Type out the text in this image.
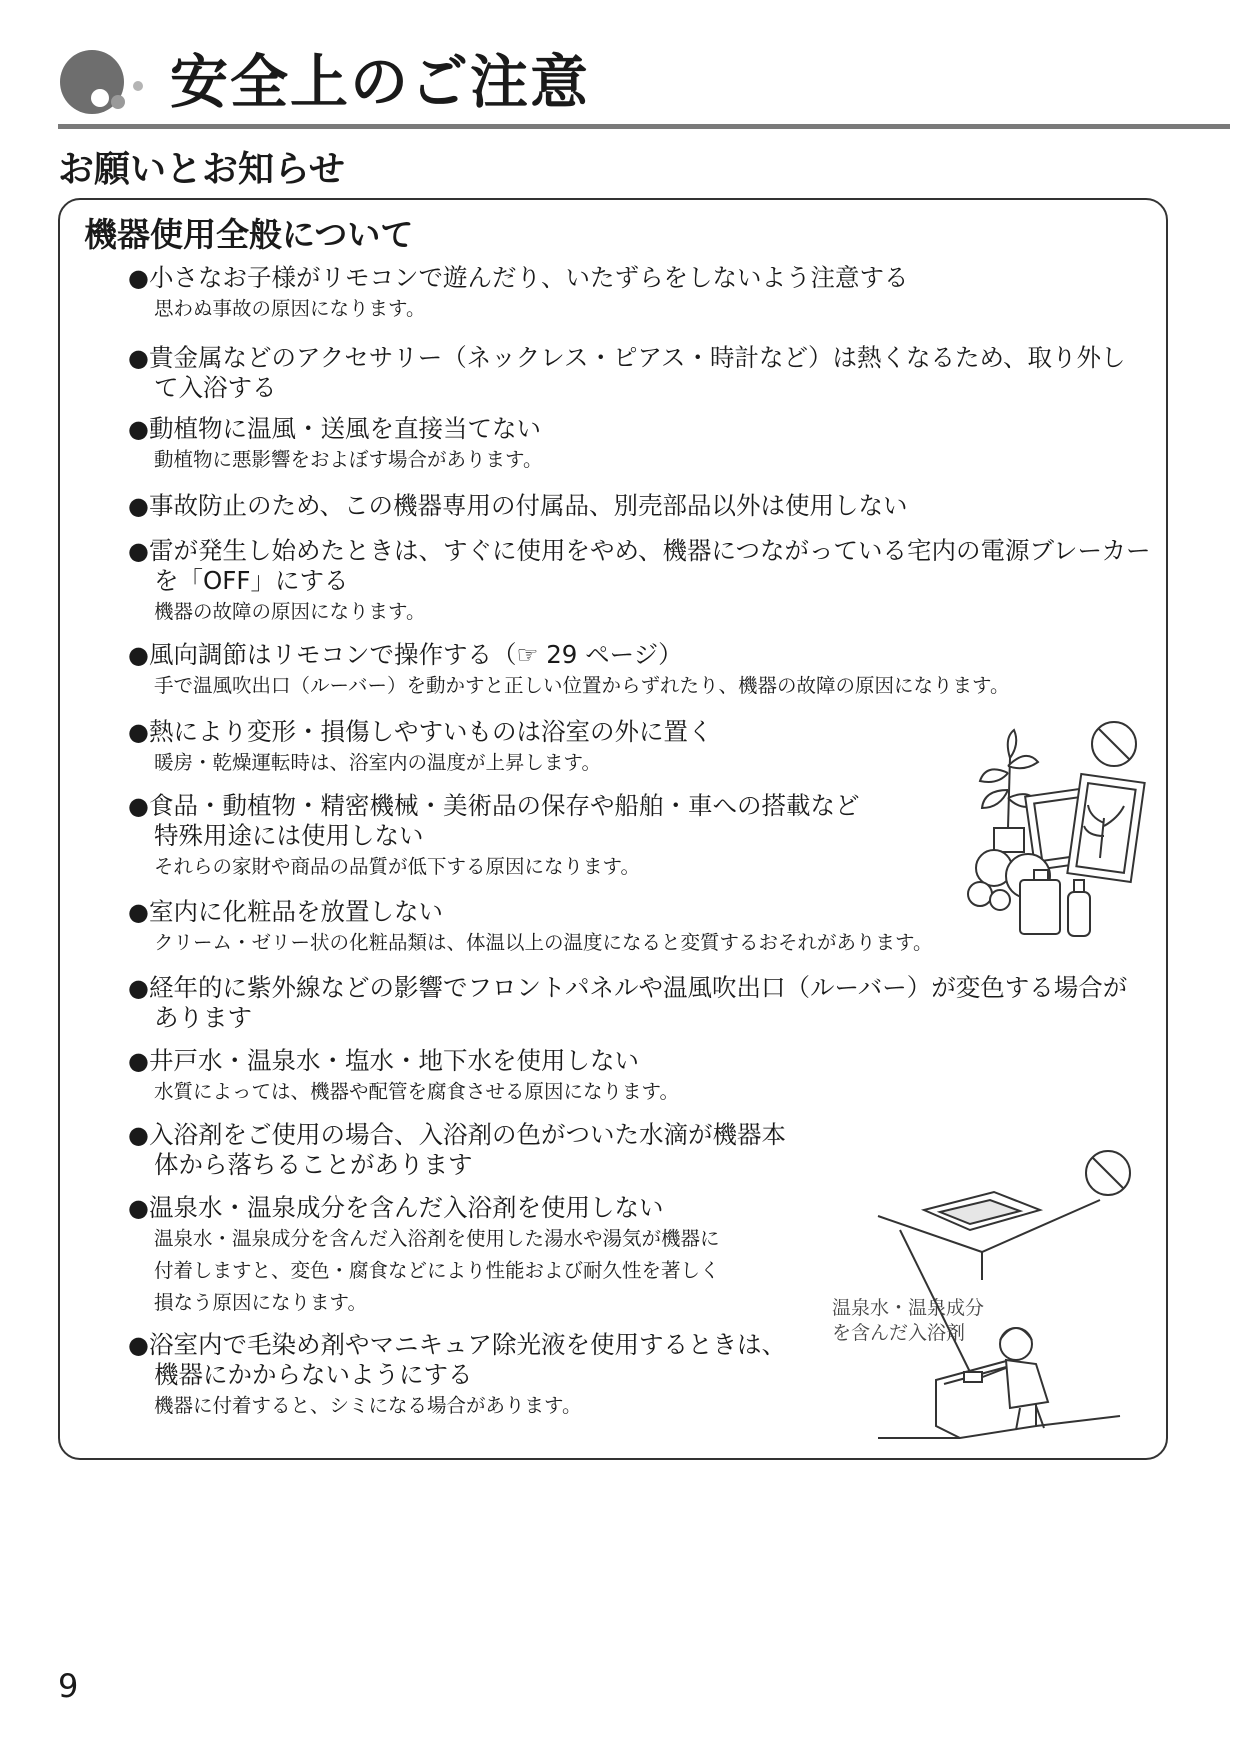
安全上のご注意
お願いとお知らせ
機器使用全般について
●小さなお子様がリモコンで遊んだり、いたずらをしないよう注意する
思わぬ事故の原因になります。
●貴金属などのアクセサリー（ネックレス・ピアス・時計など）は熱くなるため、取り外し
て入浴する
●動植物に温風・送風を直接当てない
動植物に悪影響をおよぼす場合があります。
●事故防止のため、この機器専用の付属品、別売部品以外は使用しない
●雷が発生し始めたときは、すぐに使用をやめ、機器につながっている宅内の電源ブレーカー
を「OFF」にする
機器の故障の原因になります。
●風向調節はリモコンで操作する（☞ 29 ページ）
手で温風吹出口（ルーバー）を動かすと正しい位置からずれたり、機器の故障の原因になります。
●熱により変形・損傷しやすいものは浴室の外に置く
暖房・乾燥運転時は、浴室内の温度が上昇します。
●食品・動植物・精密機械・美術品の保存や船舶・車への搭載など
特殊用途には使用しない
それらの家財や商品の品質が低下する原因になります。
●室内に化粧品を放置しない
クリーム・ゼリー状の化粧品類は、体温以上の温度になると変質するおそれがあります。
●経年的に紫外線などの影響でフロントパネルや温風吹出口（ルーバー）が変色する場合が
あります
●井戸水・温泉水・塩水・地下水を使用しない
水質によっては、機器や配管を腐食させる原因になります。
●入浴剤をご使用の場合、入浴剤の色がついた水滴が機器本
体から落ちることがあります
●温泉水・温泉成分を含んだ入浴剤を使用しない
温泉水・温泉成分を含んだ入浴剤を使用した湯水や湯気が機器に
付着しますと、変色・腐食などにより性能および耐久性を著しく
損なう原因になります。
●浴室内で毛染め剤やマニキュア除光液を使用するときは、
機器にかからないようにする
機器に付着すると、シミになる場合があります。
温泉水・温泉成分
を含んだ入浴剤
9
